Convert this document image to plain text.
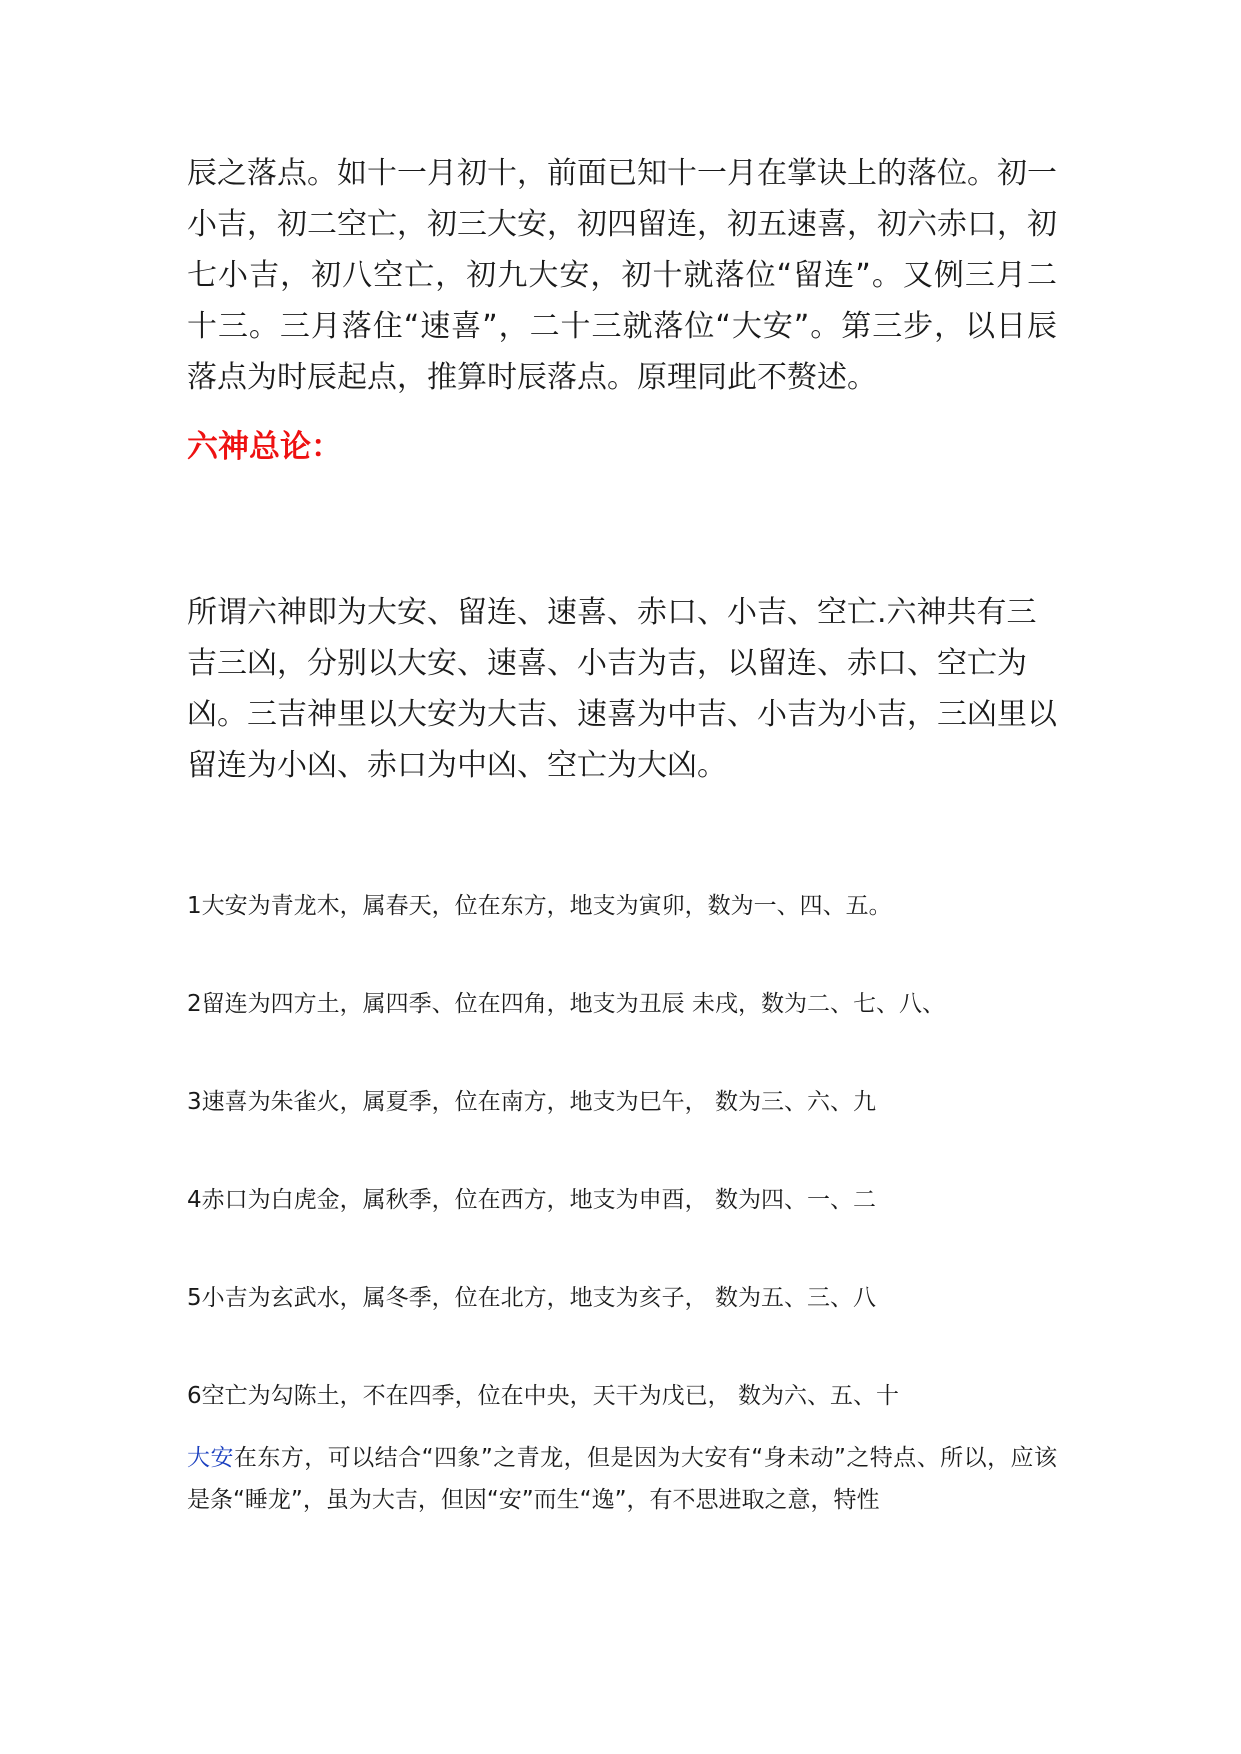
辰之落点。如十一月初十，前面已知十一月在掌诀上的落位。初一小吉，初二空亡，初三大安，初四留连，初五速喜，初六赤口，初七小吉，初八空亡，初九大安，初十就落位“留连”。又例三月二十三。三月落住“速喜”，二十三就落位“大安”。第三步，以日辰落点为时辰起点，推算时辰落点。原理同此不赘述。

六神总论：

所谓六神即为大安、留连、速喜、赤口、小吉、空亡.六神共有三吉三凶，分别以大安、速喜、小吉为吉，以留连、赤口、空亡为凶。三吉神里以大安为大吉、速喜为中吉、小吉为小吉，三凶里以留连为小凶、赤口为中凶、空亡为大凶。

1大安为青龙木，属春天，位在东方，地支为寅卯，数为一、四、五。
2留连为四方土，属四季、位在四角，地支为丑辰 未戌，数为二、七、八、
3速喜为朱雀火，属夏季，位在南方，地支为巳午， 数为三、六、九
4赤口为白虎金，属秋季，位在西方，地支为申酉， 数为四、一、二
5小吉为玄武水，属冬季，位在北方，地支为亥子， 数为五、三、八
6空亡为勾陈土，不在四季，位在中央，天干为戊已， 数为六、五、十

大安在东方，可以结合“四象”之青龙，但是因为大安有“身未动”之特点、所以，应该是条“睡龙”，虽为大吉，但因“安”而生“逸”，有不思进取之意，特性
